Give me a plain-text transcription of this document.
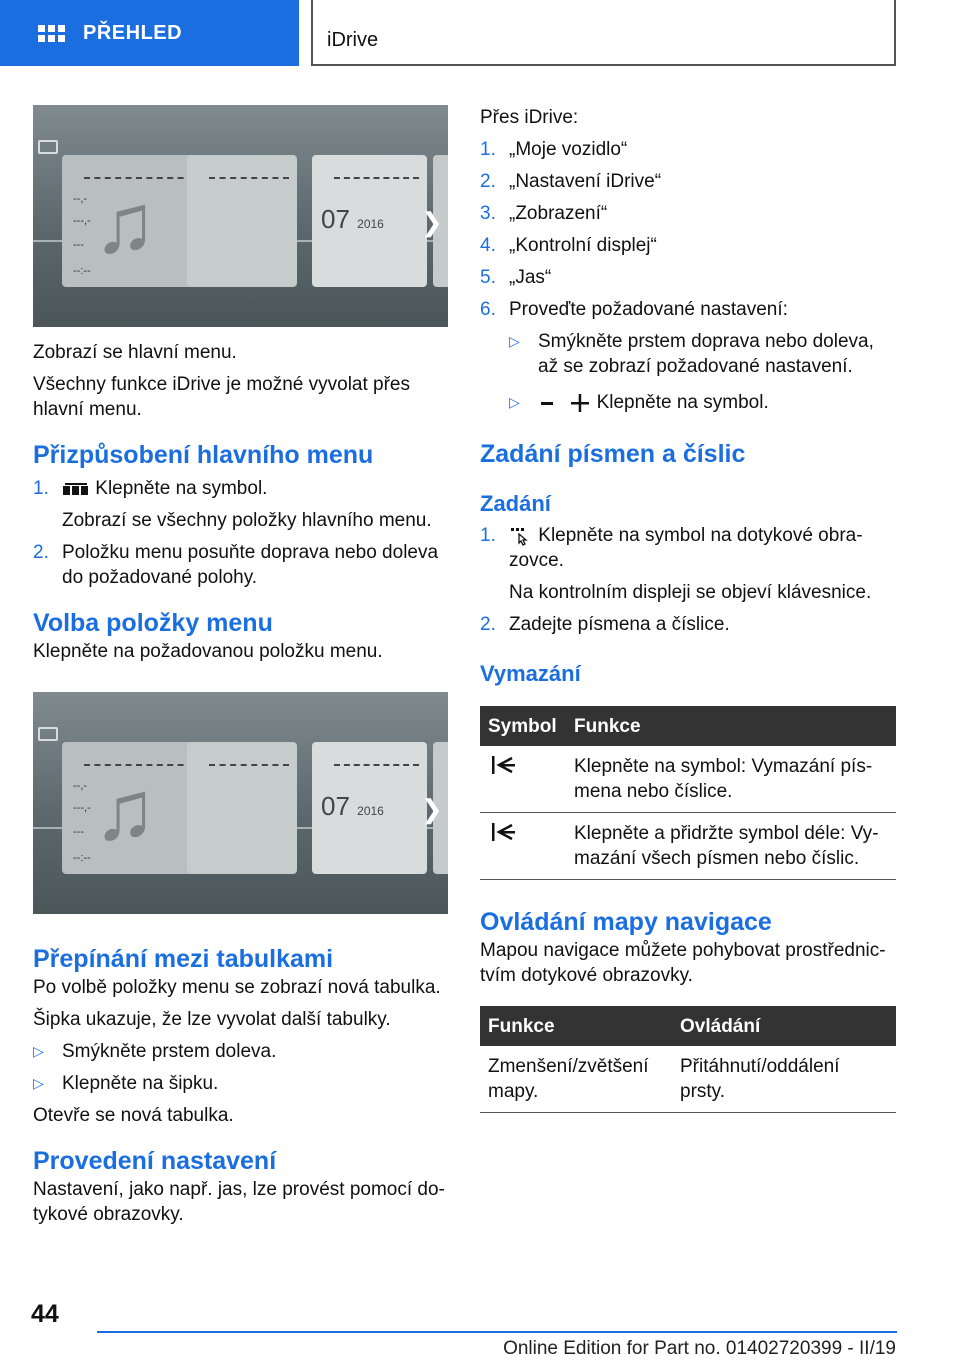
PŘEHLED	iDrive
--,-
---,-
---
--:--
♫	07 2016 ❯

Zobrazí se hlavní menu.

Všechny funkce iDrive je možné vyvolat přes hlavní menu.

Přizpůsobení hlavního menu
1. Klepněte na symbol.
Zobrazí se všechny položky hlavního menu.
2. Položku menu posuňte doprava nebo doleva do požadované polohy.
Volba položky menu

Klepněte na požadovanou položku menu.

--,-
---,-
---
--:--
♫	07 2016 ❯
Přepínání mezi tabulkami

Po volbě položky menu se zobrazí nová tabulka.

Šipka ukazuje, že lze vyvolat další tabulky.

▷ Smýkněte prstem doleva.
▷ Klepněte na šipku.

Otevře se nová tabulka.

Provedení nastavení

Nastavení, jako např. jas, lze provést pomocí dotykové obrazovky.

Přes iDrive:

1. „Moje vozidlo“
2. „Nastavení iDrive“
3. „Zobrazení“
4. „Kontrolní displej“
5. „Jas“
6. Proveďte požadované nastavení:
▷ Smýkněte prstem doprava nebo doleva, až se zobrazí požadované nastavení.
▷	Klepněte na symbol.
Zadání písmen a číslic
Zadání
1. Klepněte na symbol na dotykové obrazovce.
Na kontrolním displeji se objeví klávesnice.
2. Zadejte písmena a číslice.
Vymazání
Symbol	Funkce
	Klepněte na symbol: Vymazání písmena nebo číslice.
	Klepněte a přidržte symbol déle: Vymazání všech písmen nebo číslic.
Ovládání mapy navigace

Mapou navigace můžete pohybovat prostřednictvím dotykové obrazovky.

Funkce	Ovládání
Zmenšení/zvětšení mapy.	Přitáhnutí/oddálení prsty.
44
Online Edition for Part no. 01402720399 - II/19
